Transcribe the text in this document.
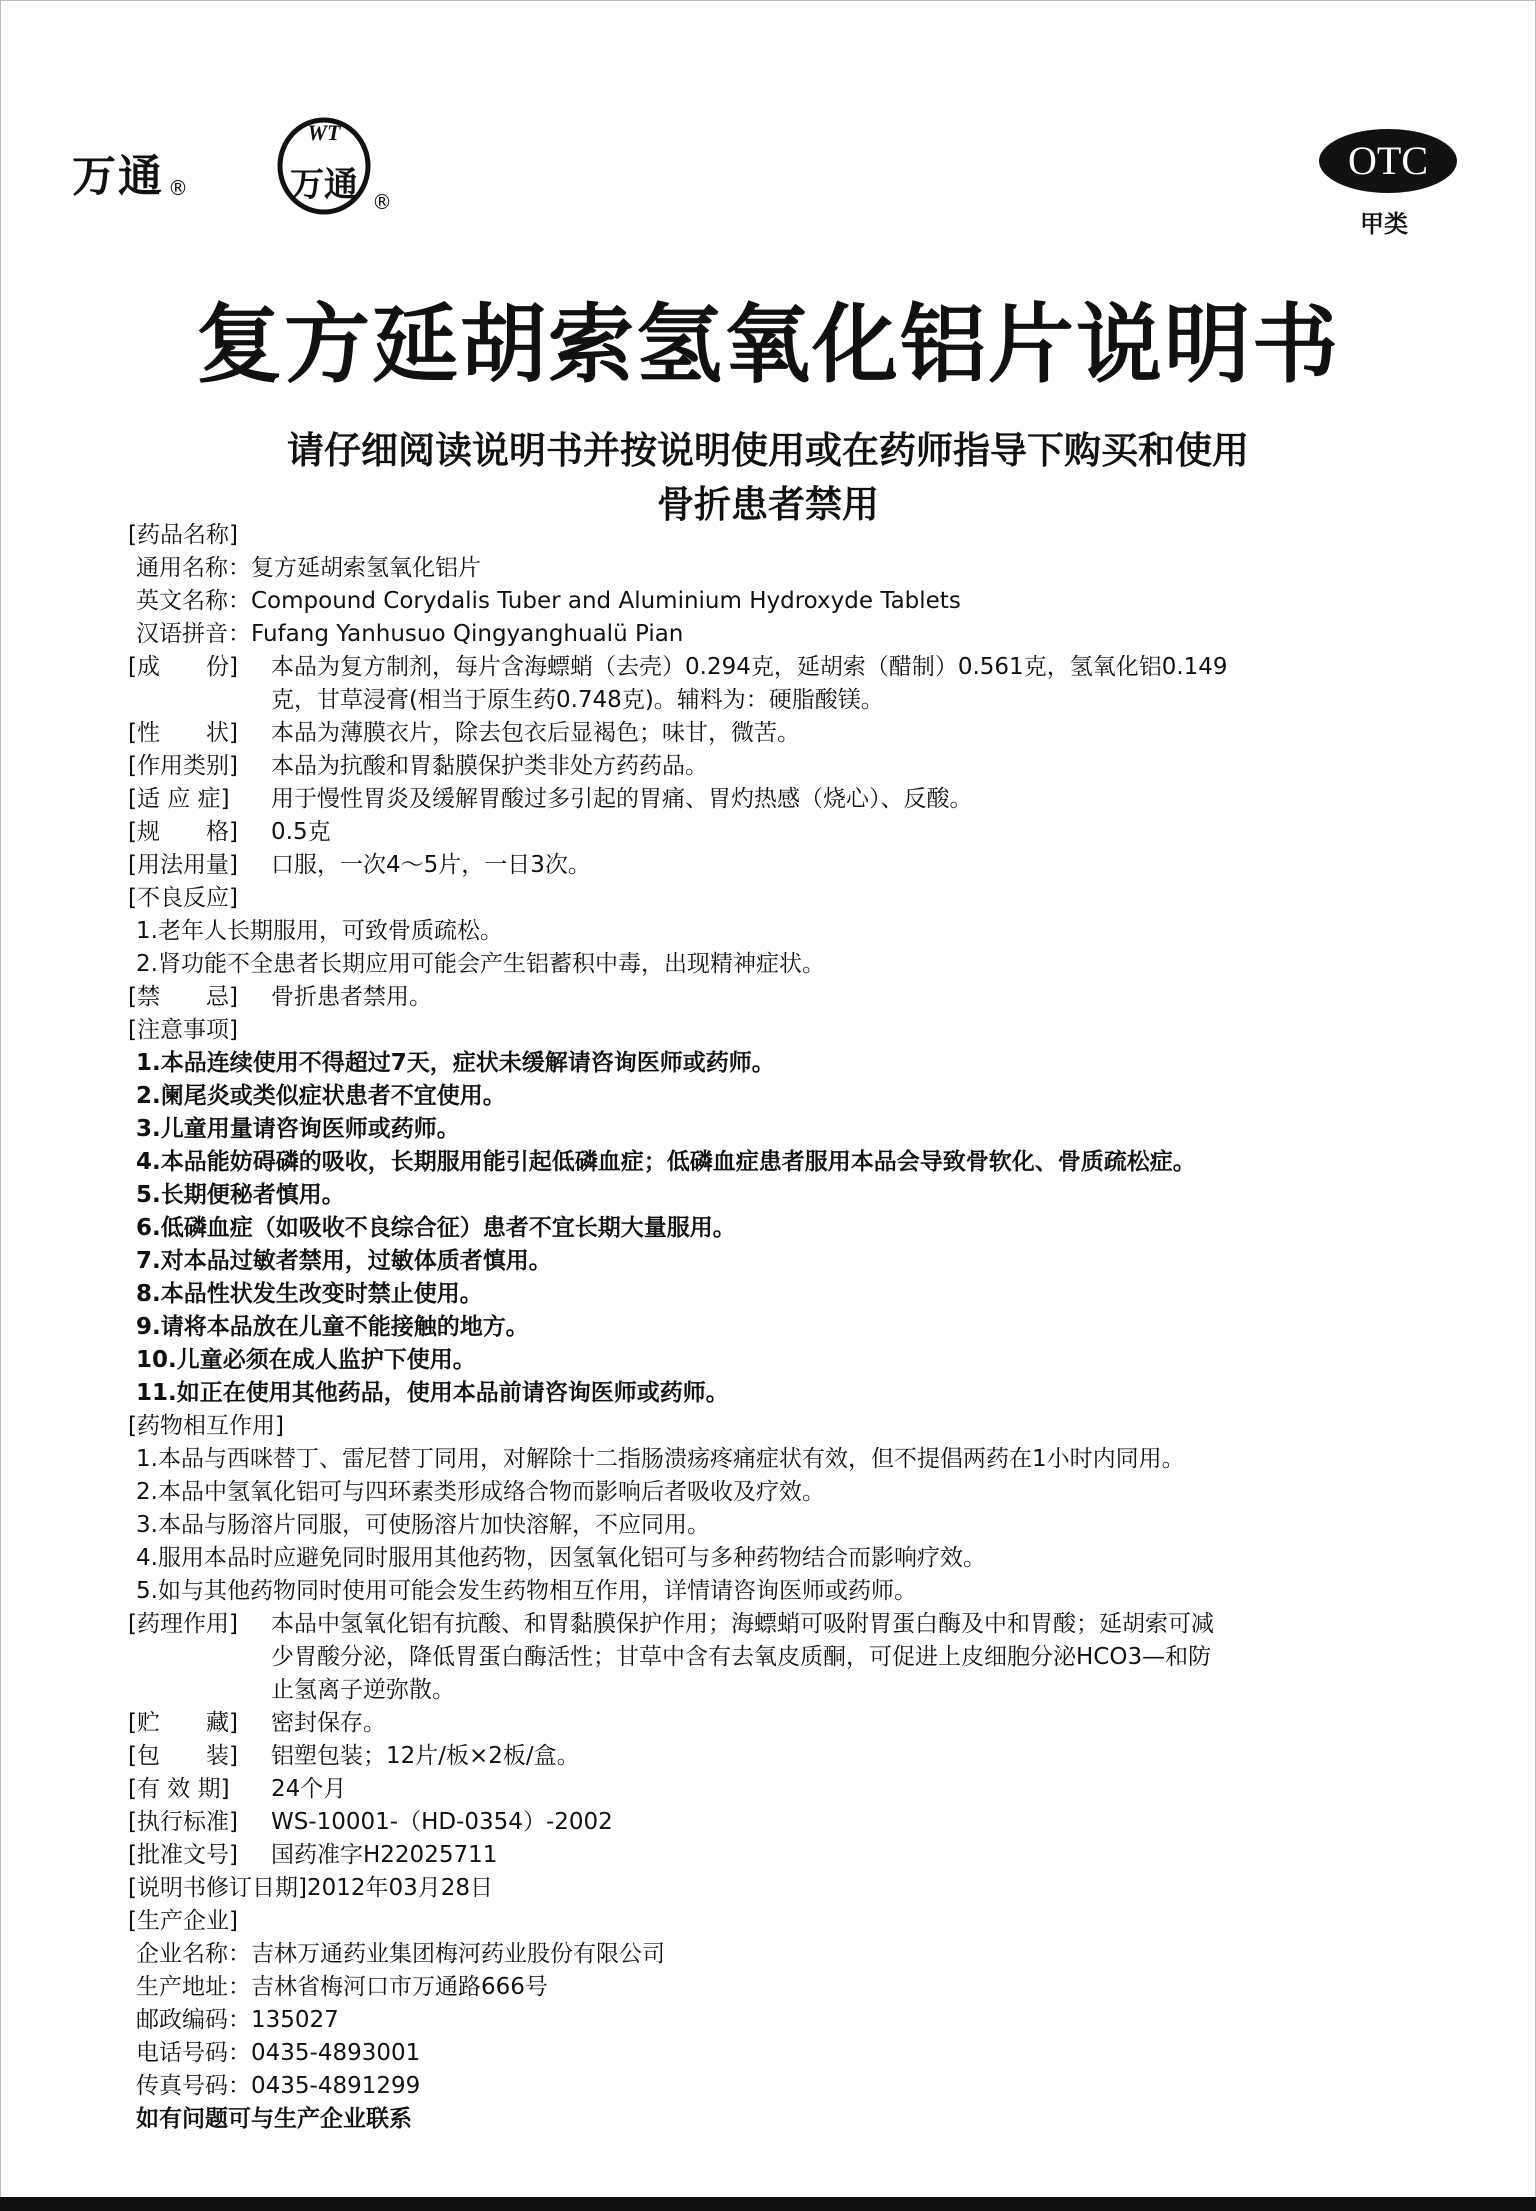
万通 ®
WT
万通 ®
OTC
甲类
复方延胡索氢氧化铝片说明书
请仔细阅读说明书并按说明使用或在药师指导下购买和使用
骨折患者禁用
[药品名称]
通用名称：复方延胡索氢氧化铝片
英文名称：Compound Corydalis Tuber and Aluminium Hydroxyde Tablets
汉语拼音：Fufang Yanhusuo Qingyanghualü Pian
[成　　份]	本品为复方制剂，每片含海螵蛸（去壳）0.294克，延胡索（醋制）0.561克，氢氧化铝0.149
克，甘草浸膏(相当于原生药0.748克)。辅料为：硬脂酸镁。
[性　　状]	本品为薄膜衣片，除去包衣后显褐色；味甘，微苦。
[作用类别]	本品为抗酸和胃黏膜保护类非处方药药品。
[适 应 症]	用于慢性胃炎及缓解胃酸过多引起的胃痛、胃灼热感（烧心）、反酸。
[规　　格]	0.5克
[用法用量]	口服，一次4～5片，一日3次。
[不良反应]
1.老年人长期服用，可致骨质疏松。
2.肾功能不全患者长期应用可能会产生铝蓄积中毒，出现精神症状。
[禁　　忌]	骨折患者禁用。
[注意事项]
1.本品连续使用不得超过7天，症状未缓解请咨询医师或药师。
2.阑尾炎或类似症状患者不宜使用。
3.儿童用量请咨询医师或药师。
4.本品能妨碍磷的吸收，长期服用能引起低磷血症；低磷血症患者服用本品会导致骨软化、骨质疏松症。
5.长期便秘者慎用。
6.低磷血症（如吸收不良综合征）患者不宜长期大量服用。
7.对本品过敏者禁用，过敏体质者慎用。
8.本品性状发生改变时禁止使用。
9.请将本品放在儿童不能接触的地方。
10.儿童必须在成人监护下使用。
11.如正在使用其他药品，使用本品前请咨询医师或药师。
[药物相互作用]
1.本品与西咪替丁、雷尼替丁同用，对解除十二指肠溃疡疼痛症状有效，但不提倡两药在1小时内同用。
2.本品中氢氧化铝可与四环素类形成络合物而影响后者吸收及疗效。
3.本品与肠溶片同服，可使肠溶片加快溶解，不应同用。
4.服用本品时应避免同时服用其他药物，因氢氧化铝可与多种药物结合而影响疗效。
5.如与其他药物同时使用可能会发生药物相互作用，详情请咨询医师或药师。
[药理作用]	本品中氢氧化铝有抗酸、和胃黏膜保护作用；海螵蛸可吸附胃蛋白酶及中和胃酸；延胡索可减
少胃酸分泌，降低胃蛋白酶活性；甘草中含有去氧皮质酮，可促进上皮细胞分泌HCO3—和防
止氢离子逆弥散。
[贮　　藏]	密封保存。
[包　　装]	铝塑包装；12片/板×2板/盒。
[有 效 期]	24个月
[执行标准]	WS-10001-（HD-0354）-2002
[批准文号]	国药准字H22025711
[说明书修订日期]2012年03月28日
[生产企业]
企业名称：吉林万通药业集团梅河药业股份有限公司
生产地址：吉林省梅河口市万通路666号
邮政编码：135027
电话号码：0435-4893001
传真号码：0435-4891299
如有问题可与生产企业联系
